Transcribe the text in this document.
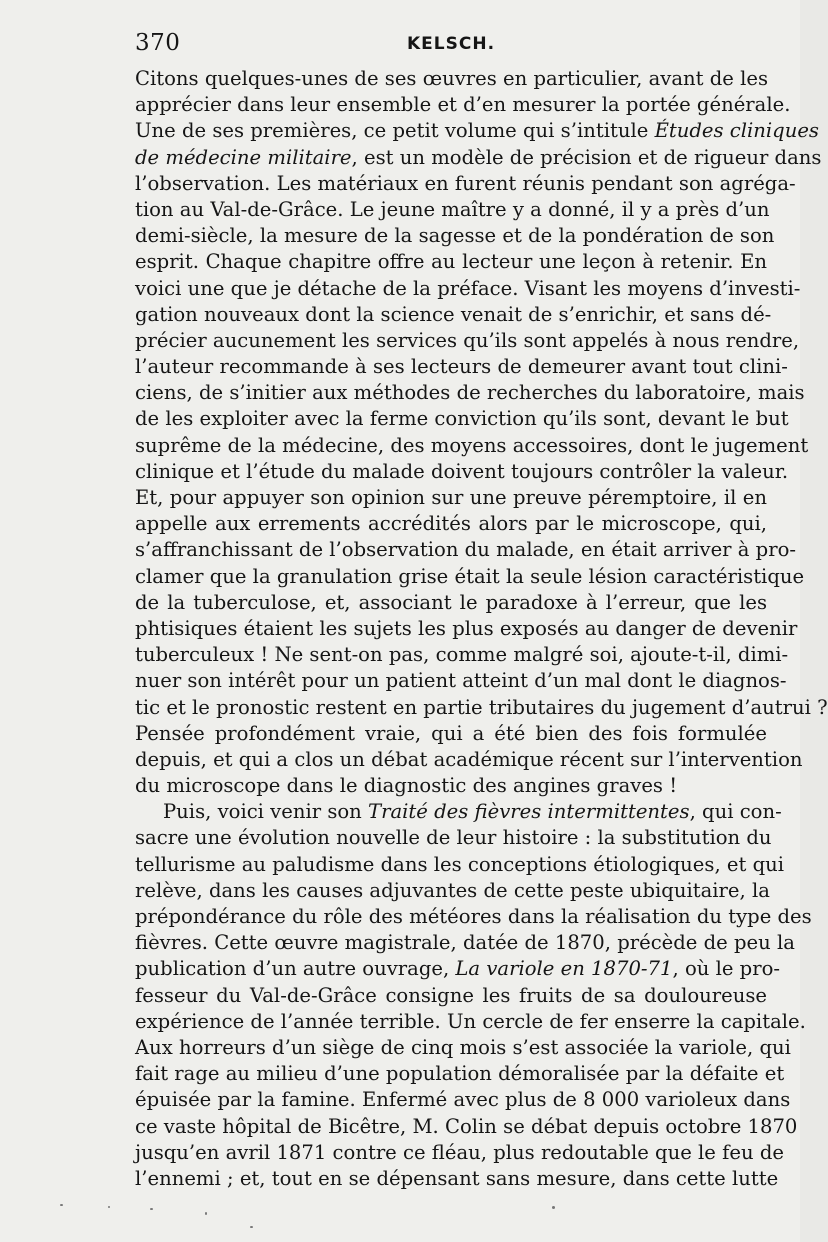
370	KELSCH.
Citons quelques-unes de ses œuvres en particulier, avant de les
apprécier dans leur ensemble et d’en mesurer la portée générale.
Une de ses premières, ce petit volume qui s’intitule Études cliniques
de médecine militaire, est un modèle de précision et de rigueur dans
l’observation. Les matériaux en furent réunis pendant son agréga-
tion au Val-de-Grâce. Le jeune maître y a donné, il y a près d’un
demi-siècle, la mesure de la sagesse et de la pondération de son
esprit. Chaque chapitre offre au lecteur une leçon à retenir. En
voici une que je détache de la préface. Visant les moyens d’investi-
gation nouveaux dont la science venait de s’enrichir, et sans dé-
précier aucunement les services qu’ils sont appelés à nous rendre,
l’auteur recommande à ses lecteurs de demeurer avant tout clini-
ciens, de s’initier aux méthodes de recherches du laboratoire, mais
de les exploiter avec la ferme conviction qu’ils sont, devant le but
suprême de la médecine, des moyens accessoires, dont le jugement
clinique et l’étude du malade doivent toujours contrôler la valeur.
Et, pour appuyer son opinion sur une preuve péremptoire, il en
appelle aux errements accrédités alors par le microscope, qui,
s’affranchissant de l’observation du malade, en était arriver à pro-
clamer que la granulation grise était la seule lésion caractéristique
de la tuberculose, et, associant le paradoxe à l’erreur, que les
phtisiques étaient les sujets les plus exposés au danger de devenir
tuberculeux ! Ne sent-on pas, comme malgré soi, ajoute-t-il, dimi-
nuer son intérêt pour un patient atteint d’un mal dont le diagnos-
tic et le pronostic restent en partie tributaires du jugement d’autrui ?
Pensée profondément vraie, qui a été bien des fois formulée
depuis, et qui a clos un débat académique récent sur l’intervention
du microscope dans le diagnostic des angines graves !
Puis, voici venir son Traité des fièvres intermittentes, qui con-
sacre une évolution nouvelle de leur histoire : la substitution du
tellurisme au paludisme dans les conceptions étiologiques, et qui
relève, dans les causes adjuvantes de cette peste ubiquitaire, la
prépondérance du rôle des météores dans la réalisation du type des
fièvres. Cette œuvre magistrale, datée de 1870, précède de peu la
publication d’un autre ouvrage, La variole en 1870-71, où le pro-
fesseur du Val-de-Grâce consigne les fruits de sa douloureuse
expérience de l’année terrible. Un cercle de fer enserre la capitale.
Aux horreurs d’un siège de cinq mois s’est associée la variole, qui
fait rage au milieu d’une population démoralisée par la défaite et
épuisée par la famine. Enfermé avec plus de 8 000 varioleux dans
ce vaste hôpital de Bicêtre, M. Colin se débat depuis octobre 1870
jusqu’en avril 1871 contre ce fléau, plus redoutable que le feu de
l’ennemi ; et, tout en se dépensant sans mesure, dans cette lutte
